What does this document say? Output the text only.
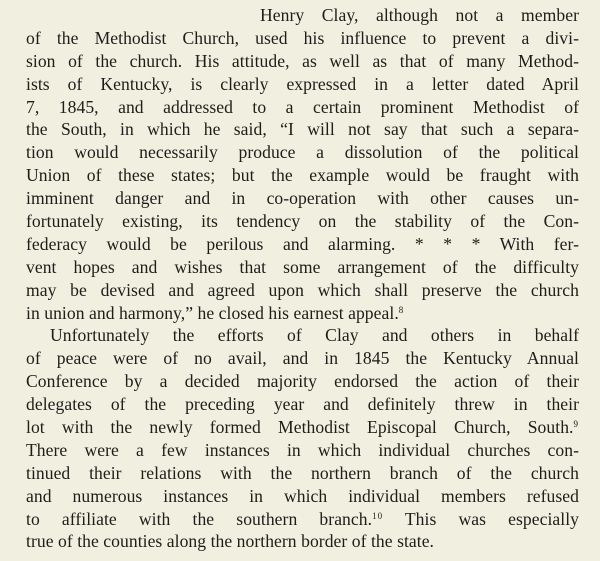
Henry Clay, although not a member
of the Methodist Church, used his influence to prevent a divi-
sion of the church. His attitude, as well as that of many Method-
ists of Kentucky, is clearly expressed in a letter dated April
7, 1845, and addressed to a certain prominent Methodist of
the South, in which he said, “I will not say that such a separa-
tion would necessarily produce a dissolution of the political
Union of these states; but the example would be fraught with
imminent danger and in co-operation with other causes un-
fortunately existing, its tendency on the stability of the Con-
federacy would be perilous and alarming. * * * With fer-
vent hopes and wishes that some arrangement of the difficulty
may be devised and agreed upon which shall preserve the church
in union and harmony,” he closed his earnest appeal.$^8$
Unfortunately the efforts of Clay and others in behalf
of peace were of no avail, and in 1845 the Kentucky Annual
Conference by a decided majority endorsed the action of their
delegates of the preceding year and definitely threw in their
lot with the newly formed Methodist Episcopal Church, South.$^9$
There were a few instances in which individual churches con-
tinued their relations with the northern branch of the church
and numerous instances in which individual members refused
to affiliate with the southern branch.$^{10}$ This was especially
true of the counties along the northern border of the state.
